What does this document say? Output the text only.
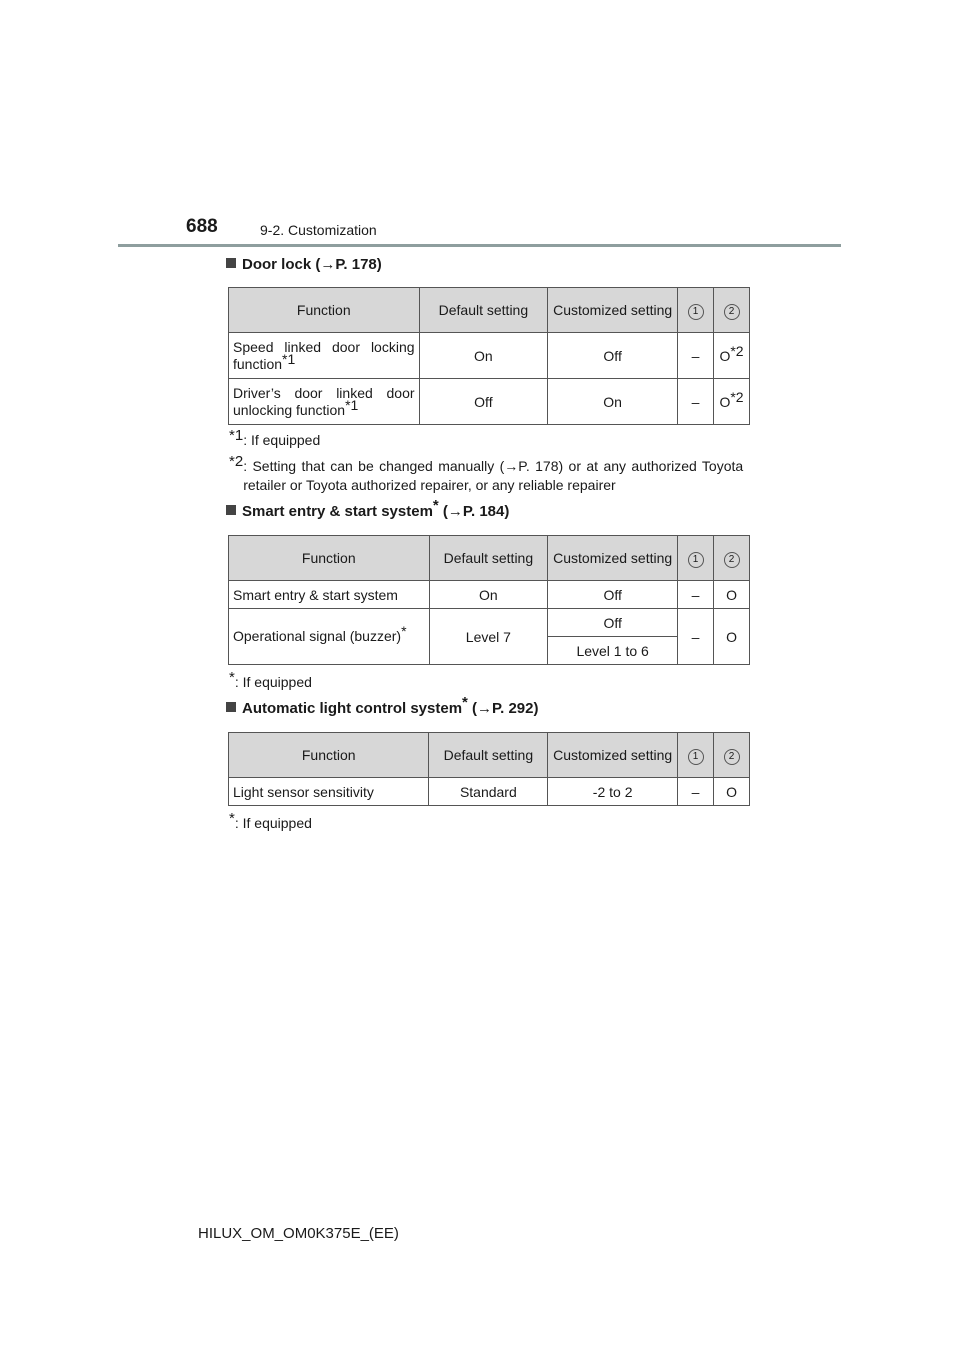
688	9-2. Customization
Door lock (→P. 178)
Function	Default setting	Customized setting	1	2
Speed linked door locking function$^{*1}$	On	Off	–	$O^{*2}$
Driver’s door linked door unlocking function$^{*1}$	Off	On	–	$O^{*2}$
$^{*1}$: If equipped
$^{*2}$: Setting that can be changed manually (→P. 178) or at any authorized Toyota retailer or Toyota authorized repairer, or any reliable repairer
Smart entry & start system* (→P. 184)
Function	Default setting	Customized setting	1	2
Smart entry & start system	On	Off	–	O
Operational signal (buzzer)*	Level 7	Off	–	O
		Level 1 to 6		
*: If equipped
Automatic light control system* (→P. 292)
Function	Default setting	Customized setting	1	2
Light sensor sensitivity	Standard	-2 to 2	–	O
*: If equipped
HILUX_OM_OM0K375E_(EE)
